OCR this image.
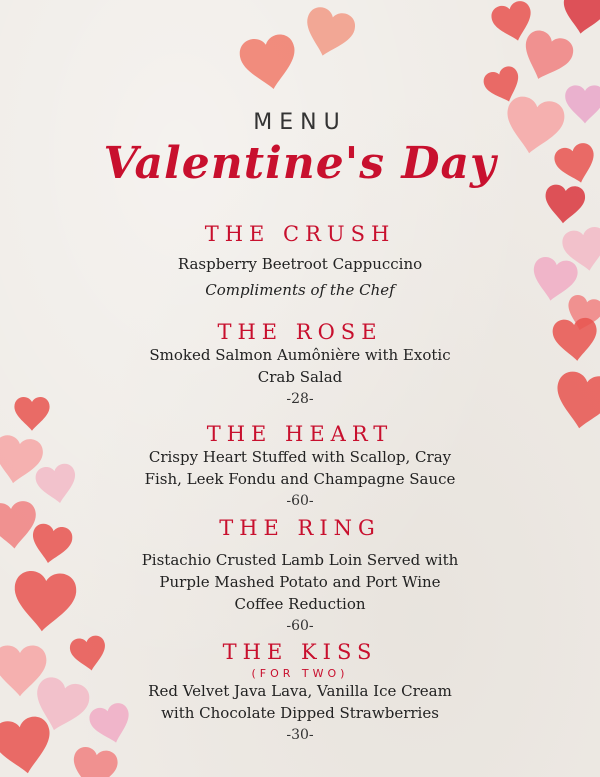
MENU
Valentine's Day
THE CRUSH
Raspberry Beetroot Cappuccino
Compliments of the Chef
THE ROSE
Smoked Salmon Aumônière with Exotic
Crab Salad
-28-
THE HEART
Crispy Heart Stuffed with Scallop, Cray
Fish, Leek Fondu and Champagne Sauce
-60-
THE RING
Pistachio Crusted Lamb Loin Served with
Purple Mashed Potato and Port Wine
Coffee Reduction
-60-
THE KISS
(FOR TWO)
Red Velvet Java Lava, Vanilla Ice Cream
with Chocolate Dipped Strawberries
-30-
